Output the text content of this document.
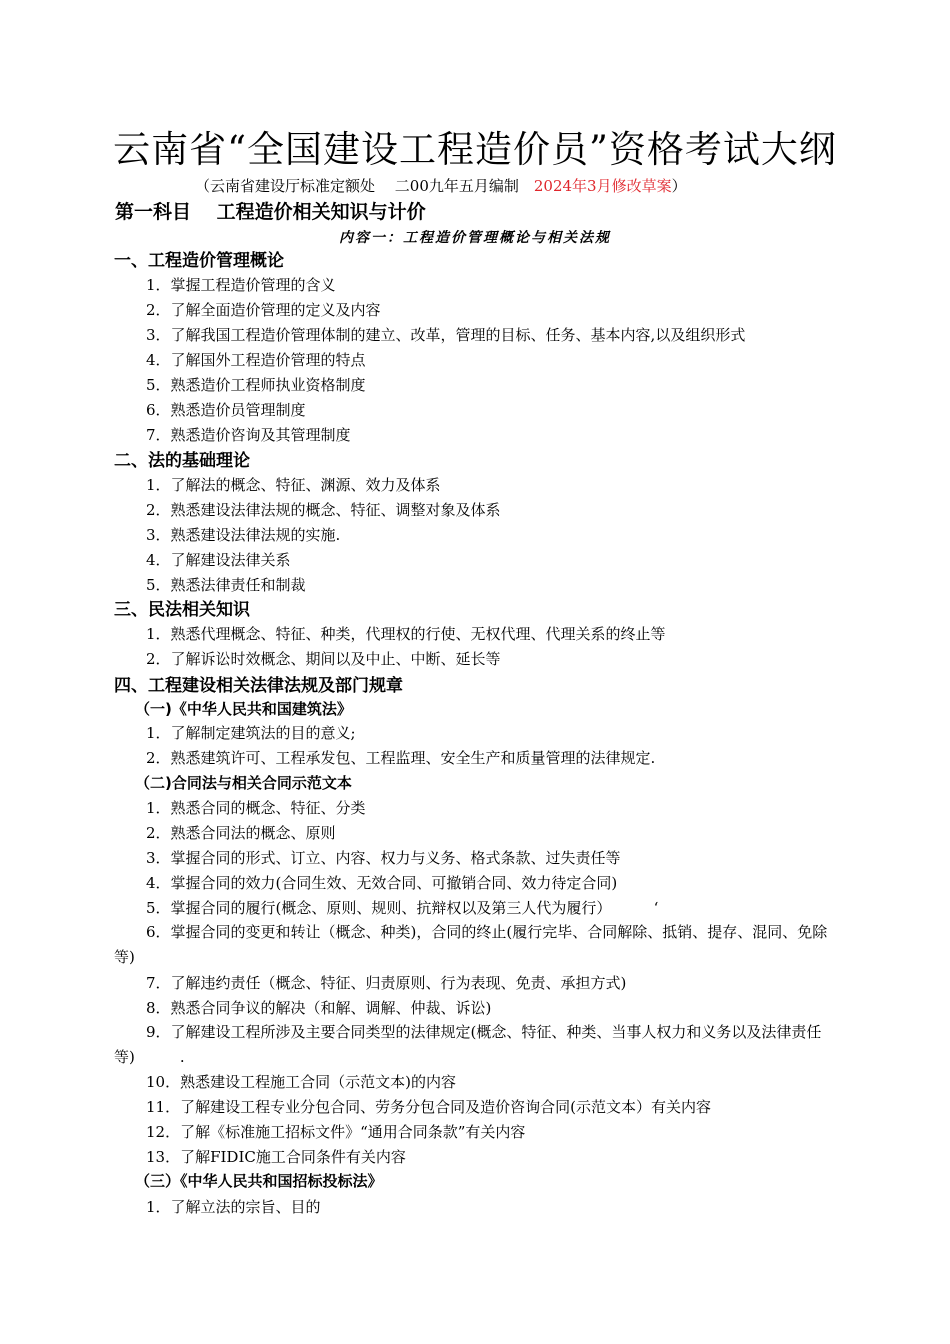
云南省“全国建设工程造价员”资格考试大纲
（云南省建设厅标准定额处　 二00九年五月编制　2024年3月修改草案）
第一科目　 工程造价相关知识与计价
内容一：工程造价管理概论与相关法规
一、工程造价管理概论
1．掌握工程造价管理的含义
2．了解全面造价管理的定义及内容
3．了解我国工程造价管理体制的建立、改革，管理的目标、任务、基本内容,以及组织形式
4．了解国外工程造价管理的特点
5．熟悉造价工程师执业资格制度
6．熟悉造价员管理制度
7．熟悉造价咨询及其管理制度
二、法的基础理论
1．了解法的概念、特征、渊源、效力及体系
2．熟悉建设法律法规的概念、特征、调整对象及体系
3．熟悉建设法律法规的实施.
4．了解建设法律关系
5．熟悉法律责任和制裁
三、民法相关知识
1．熟悉代理概念、特征、种类，代理权的行使、无权代理、代理关系的终止等
2．了解诉讼时效概念、期间以及中止、中断、延长等
四、工程建设相关法律法规及部门规章
（一)《中华人民共和国建筑法》
1．了解制定建筑法的目的意义;
2．熟悉建筑许可、工程承发包、工程监理、安全生产和质量管理的法律规定.
（二)合同法与相关合同示范文本
1．熟悉合同的概念、特征、分类
2．熟悉合同法的概念、原则
3．掌握合同的形式、订立、内容、权力与义务、格式条款、过失责任等
4．掌握合同的效力(合同生效、无效合同、可撤销合同、效力待定合同)
5．掌握合同的履行(概念、原则、规则、抗辩权以及第三人代为履行）　　　 ‘
6．掌握合同的变更和转让（概念、种类)，合同的终止(履行完毕、合同解除、抵销、提存、混同、免除等)
7．了解违约责任（概念、特征、归责原则、行为表现、免责、承担方式)
8．熟悉合同争议的解决（和解、调解、仲裁、诉讼)
9．了解建设工程所涉及主要合同类型的法律规定(概念、特征、种类、当事人权力和义务以及法律责任等)　　　.
10．熟悉建设工程施工合同（示范文本)的内容
11．了解建设工程专业分包合同、劳务分包合同及造价咨询合同(示范文本）有关内容
12．了解《标准施工招标文件》“通用合同条款”有关内容
13．了解FIDIC施工合同条件有关内容
（三）《中华人民共和国招标投标法》
1．了解立法的宗旨、目的
